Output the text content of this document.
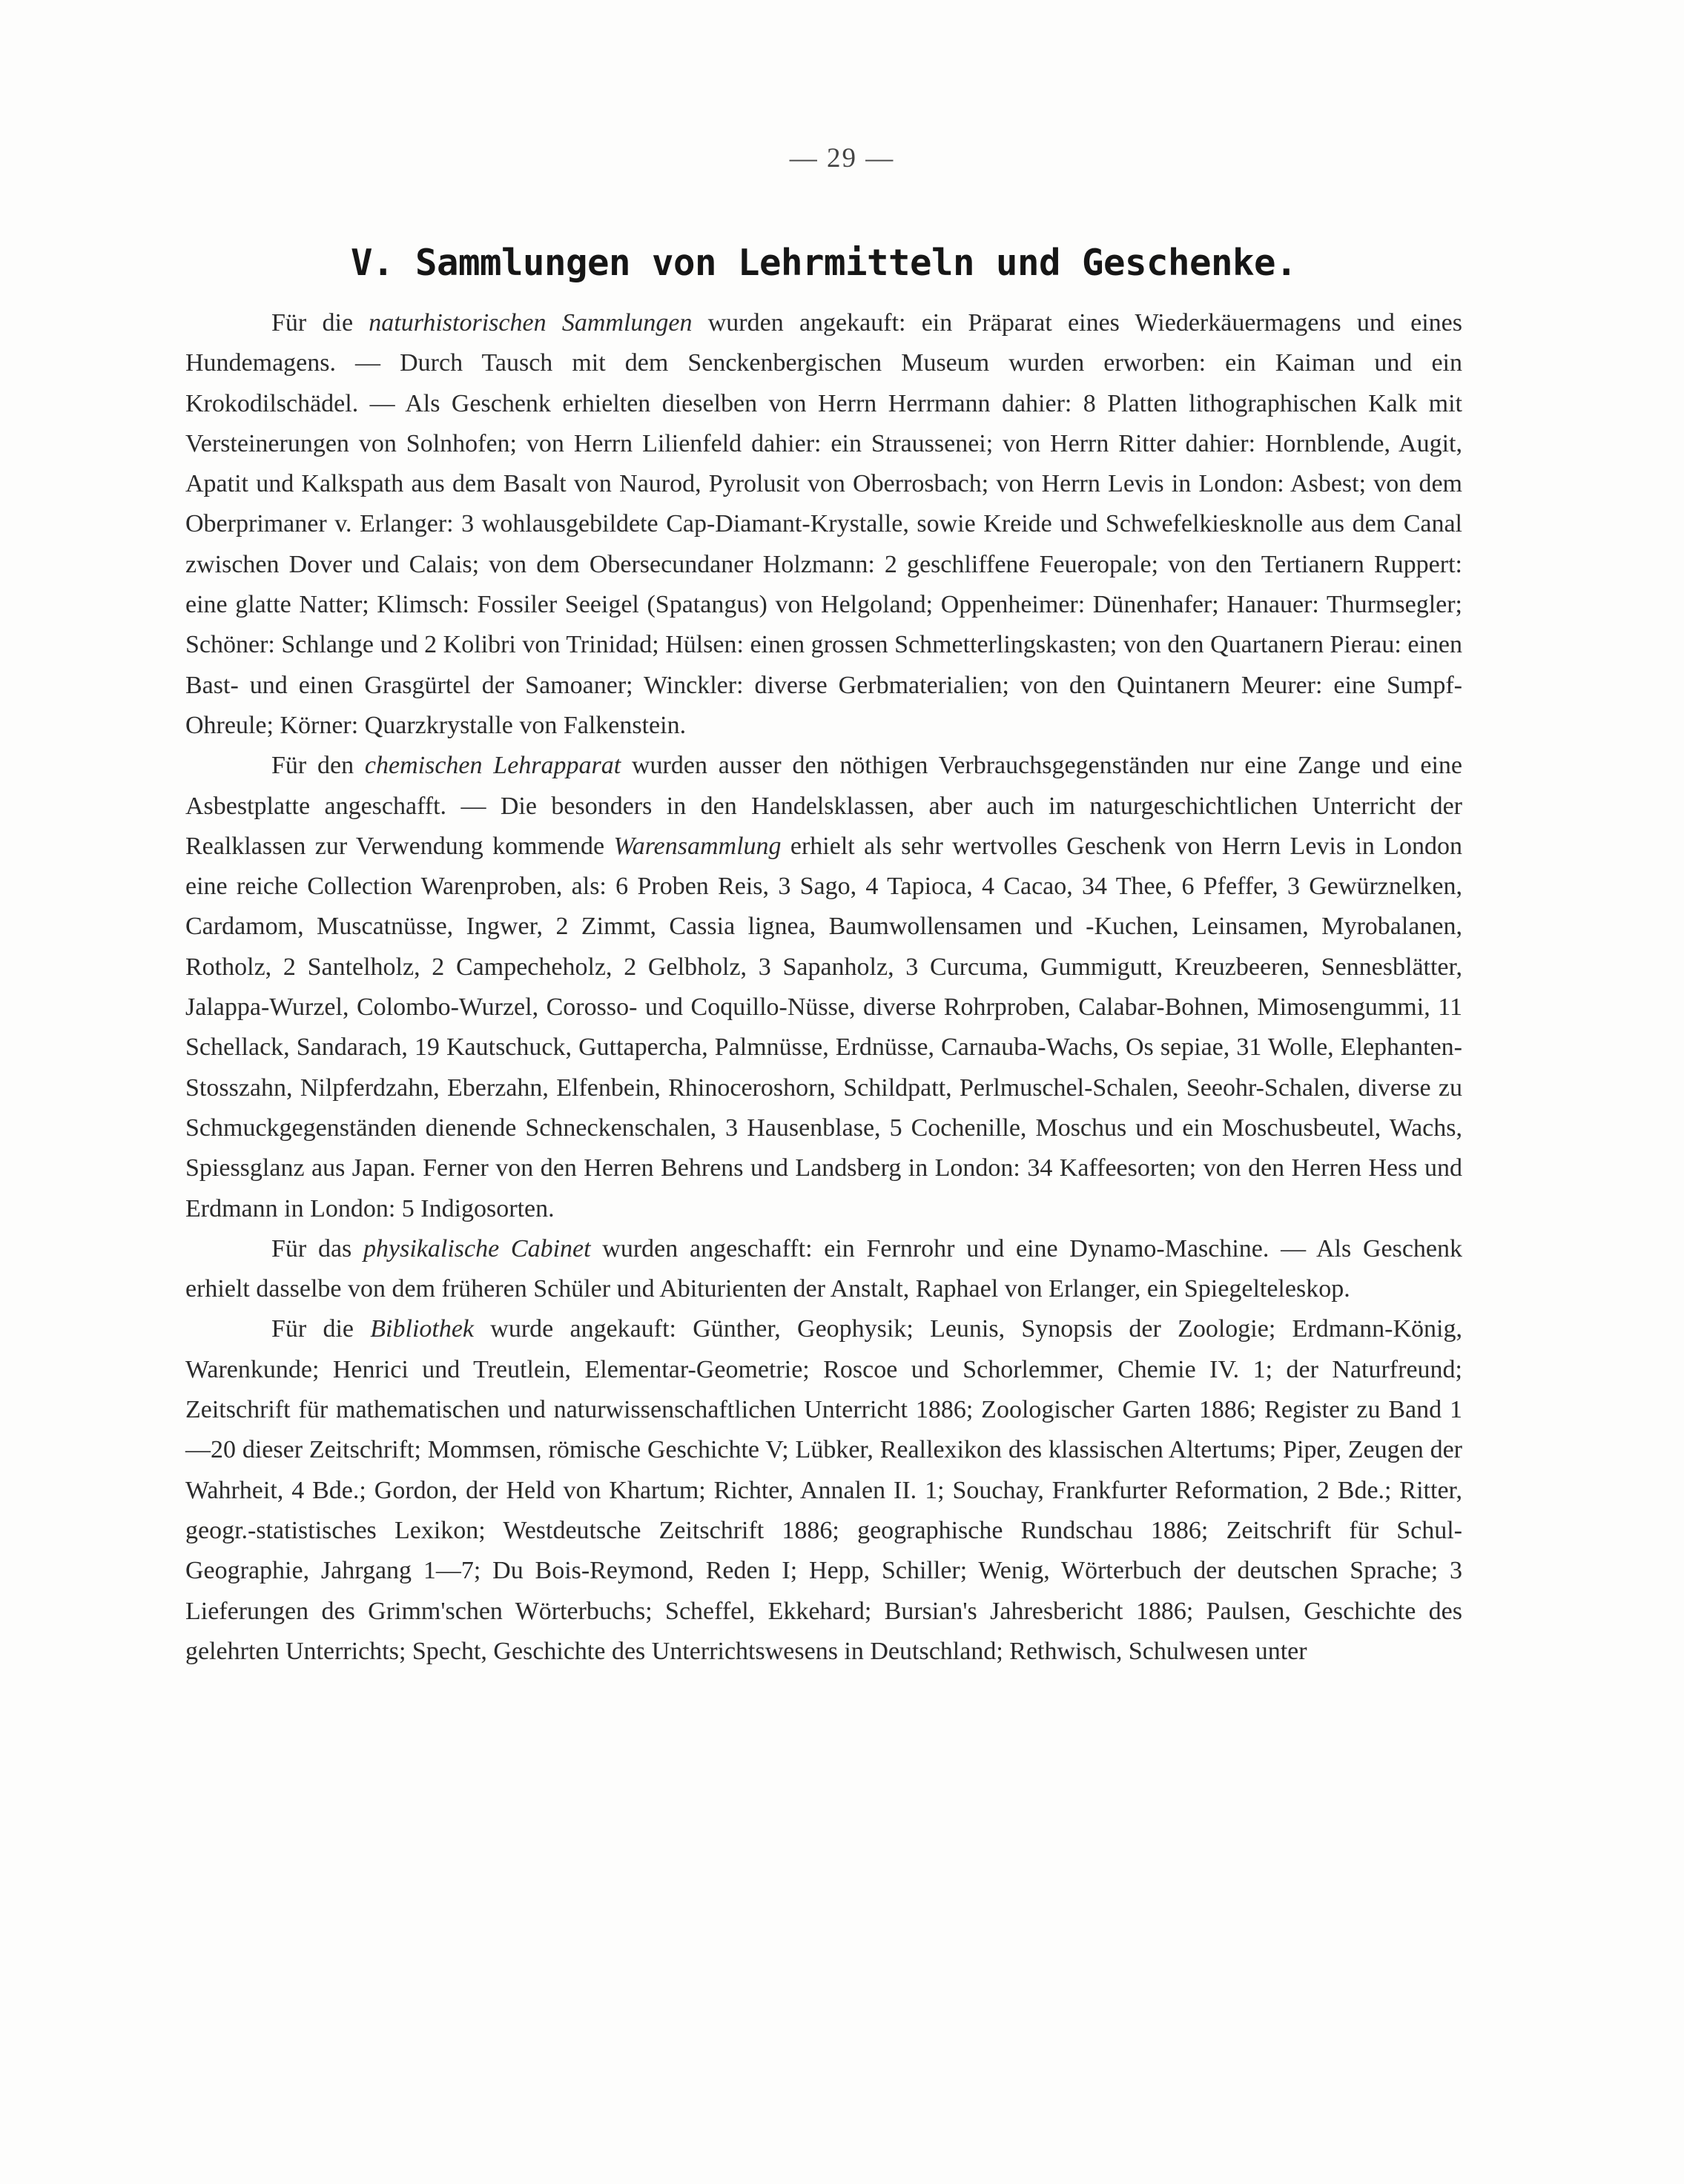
— 29 —
V. Sammlungen von Lehrmitteln und Geschenke.

Für die naturhistorischen Sammlungen wurden angekauft: ein Präparat eines Wiederkäuermagens und eines Hundemagens. — Durch Tausch mit dem Senckenbergischen Museum wurden erworben: ein Kaiman und ein Krokodilschädel. — Als Geschenk erhielten dieselben von Herrn Herrmann dahier: 8 Platten lithographischen Kalk mit Versteinerungen von Solnhofen; von Herrn Lilienfeld dahier: ein Straussenei; von Herrn Ritter dahier: Hornblende, Augit, Apatit und Kalkspath aus dem Basalt von Naurod, Pyrolusit von Oberrosbach; von Herrn Levis in London: Asbest; von dem Oberprimaner v. Erlanger: 3 wohlausgebildete Cap-Diamant-Krystalle, sowie Kreide und Schwefelkiesknolle aus dem Canal zwischen Dover und Calais; von dem Obersecundaner Holzmann: 2 geschliffene Feueropale; von den Tertianern Ruppert: eine glatte Natter; Klimsch: Fossiler Seeigel (Spatangus) von Helgoland; Oppenheimer: Dünenhafer; Hanauer: Thurmsegler; Schöner: Schlange und 2 Kolibri von Trinidad; Hülsen: einen grossen Schmetterlingskasten; von den Quartanern Pierau: einen Bast- und einen Grasgürtel der Samoaner; Winckler: diverse Gerbmaterialien; von den Quintanern Meurer: eine Sumpf-Ohreule; Körner: Quarzkrystalle von Falkenstein.

Für den chemischen Lehrapparat wurden ausser den nöthigen Verbrauchsgegenständen nur eine Zange und eine Asbestplatte angeschafft. — Die besonders in den Handelsklassen, aber auch im naturgeschichtlichen Unterricht der Realklassen zur Verwendung kommende Warensammlung erhielt als sehr wertvolles Geschenk von Herrn Levis in London eine reiche Collection Warenproben, als: 6 Proben Reis, 3 Sago, 4 Tapioca, 4 Cacao, 34 Thee, 6 Pfeffer, 3 Gewürznelken, Cardamom, Muscatnüsse, Ingwer, 2 Zimmt, Cassia lignea, Baumwollensamen und -Kuchen, Leinsamen, Myrobalanen, Rotholz, 2 Santelholz, 2 Campecheholz, 2 Gelbholz, 3 Sapanholz, 3 Curcuma, Gummigutt, Kreuzbeeren, Sennesblätter, Jalappa-Wurzel, Colombo-Wurzel, Corosso- und Coquillo-Nüsse, diverse Rohrproben, Calabar-Bohnen, Mimosengummi, 11 Schellack, Sandarach, 19 Kautschuck, Guttapercha, Palmnüsse, Erdnüsse, Carnauba-Wachs, Os sepiae, 31 Wolle, Elephanten-Stosszahn, Nilpferdzahn, Eberzahn, Elfenbein, Rhinoceroshorn, Schildpatt, Perlmuschel-Schalen, Seeohr-Schalen, diverse zu Schmuckgegenständen dienende Schneckenschalen, 3 Hausenblase, 5 Cochenille, Moschus und ein Moschusbeutel, Wachs, Spiessglanz aus Japan. Ferner von den Herren Behrens und Landsberg in London: 34 Kaffeesorten; von den Herren Hess und Erdmann in London: 5 Indigosorten.

Für das physikalische Cabinet wurden angeschafft: ein Fernrohr und eine Dynamo-Maschine. — Als Geschenk erhielt dasselbe von dem früheren Schüler und Abiturienten der Anstalt, Raphael von Erlanger, ein Spiegelteleskop.

Für die Bibliothek wurde angekauft: Günther, Geophysik; Leunis, Synopsis der Zoologie; Erdmann-König, Warenkunde; Henrici und Treutlein, Elementar-Geometrie; Roscoe und Schorlemmer, Chemie IV. 1; der Naturfreund; Zeitschrift für mathematischen und naturwissenschaftlichen Unterricht 1886; Zoologischer Garten 1886; Register zu Band 1—20 dieser Zeitschrift; Mommsen, römische Geschichte V; Lübker, Reallexikon des klassischen Altertums; Piper, Zeugen der Wahrheit, 4 Bde.; Gordon, der Held von Khartum; Richter, Annalen II. 1; Souchay, Frankfurter Reformation, 2 Bde.; Ritter, geogr.-statistisches Lexikon; Westdeutsche Zeitschrift 1886; geographische Rundschau 1886; Zeitschrift für Schul-Geographie, Jahrgang 1—7; Du Bois-Reymond, Reden I; Hepp, Schiller; Wenig, Wörterbuch der deutschen Sprache; 3 Lieferungen des Grimm'schen Wörterbuchs; Scheffel, Ekkehard; Bursian's Jahresbericht 1886; Paulsen, Geschichte des gelehrten Unterrichts; Specht, Geschichte des Unterrichtswesens in Deutschland; Rethwisch, Schulwesen unter
